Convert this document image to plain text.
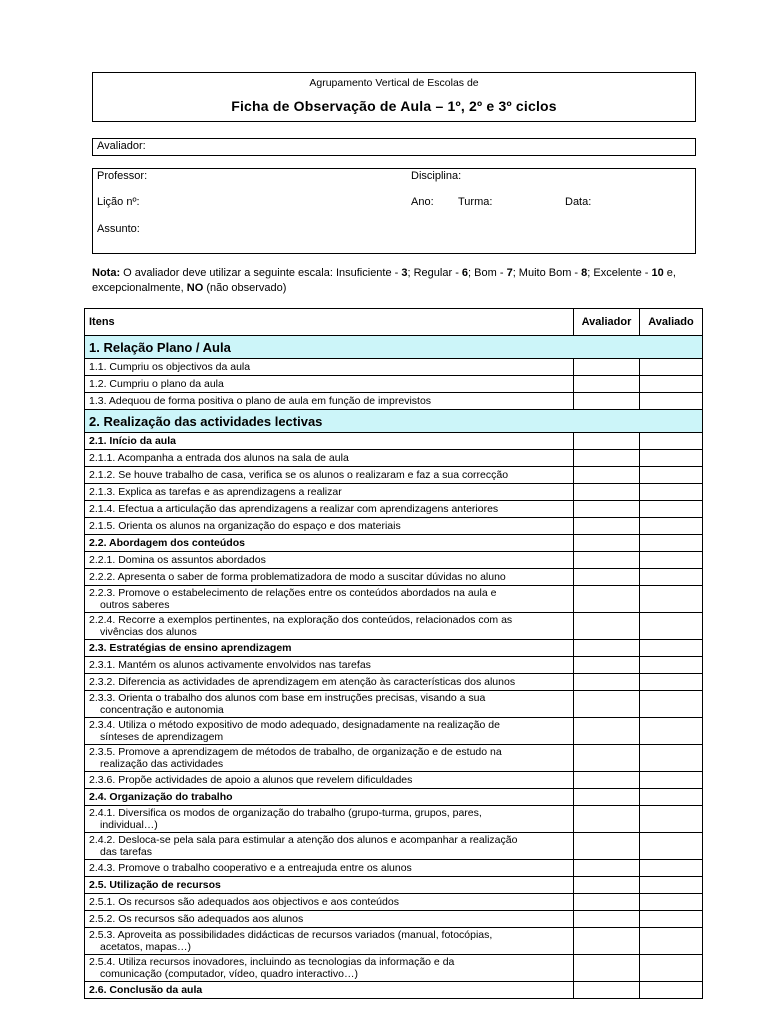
Agrupamento Vertical de Escolas de
Ficha de Observação de Aula – 1º, 2º e 3º ciclos
Avaliador:
Professor:	Disciplina:
Lição nº:	Ano: Turma:	Data:
Assunto:
Nota: O avaliador deve utilizar a seguinte escala: Insuficiente - 3; Regular - 6; Bom - 7; Muito Bom - 8; Excelente - 10 e, excepcionalmente, NO (não observado)
Itens	Avaliador	Avaliado
1. Relação Plano / Aula		
1.1. Cumpriu os objectivos da aula		
1.2. Cumpriu o plano da aula		
1.3. Adequou de forma positiva o plano de aula em função de imprevistos		
2. Realização das actividades lectivas		
2.1. Início da aula		
2.1.1. Acompanha a entrada dos alunos na sala de aula		
2.1.2. Se houve trabalho de casa, verifica se os alunos o realizaram e faz a sua correcção		
2.1.3. Explica as tarefas e as aprendizagens a realizar		
2.1.4. Efectua a articulação das aprendizagens a realizar com aprendizagens anteriores		
2.1.5. Orienta os alunos na organização do espaço e dos materiais		
2.2. Abordagem dos conteúdos		
2.2.1. Domina os assuntos abordados		
2.2.2. Apresenta o saber de forma problematizadora de modo a suscitar dúvidas no aluno		

2.2.3. Promove o estabelecimento de relações entre os conteúdos abordados na aula e
outros saberes		

2.2.4. Recorre a exemplos pertinentes, na exploração dos conteúdos, relacionados com as
vivências dos alunos		

2.3. Estratégias de ensino aprendizagem		
2.3.1. Mantém os alunos activamente envolvidos nas tarefas		
2.3.2. Diferencia as actividades de aprendizagem em atenção às características dos alunos		

2.3.3. Orienta o trabalho dos alunos com base em instruções precisas, visando a sua
concentração e autonomia		

2.3.4. Utiliza o método expositivo de modo adequado, designadamente na realização de
sínteses de aprendizagem		

2.3.5. Promove a aprendizagem de métodos de trabalho, de organização e de estudo na
realização das actividades		

2.3.6. Propõe actividades de apoio a alunos que revelem dificuldades		
2.4. Organização do trabalho		

2.4.1. Diversifica os modos de organização do trabalho (grupo-turma, grupos, pares,
individual…)		

2.4.2. Desloca-se pela sala para estimular a atenção dos alunos e acompanhar a realização
das tarefas		

2.4.3. Promove o trabalho cooperativo e a entreajuda entre os alunos		
2.5. Utilização de recursos		
2.5.1. Os recursos são adequados aos objectivos e aos conteúdos		
2.5.2. Os recursos são adequados aos alunos		

2.5.3. Aproveita as possibilidades didácticas de recursos variados (manual, fotocópias,
acetatos, mapas…)		

2.5.4. Utiliza recursos inovadores, incluindo as tecnologias da informação e da
comunicação (computador, vídeo, quadro interactivo…)		

2.6. Conclusão da aula		
